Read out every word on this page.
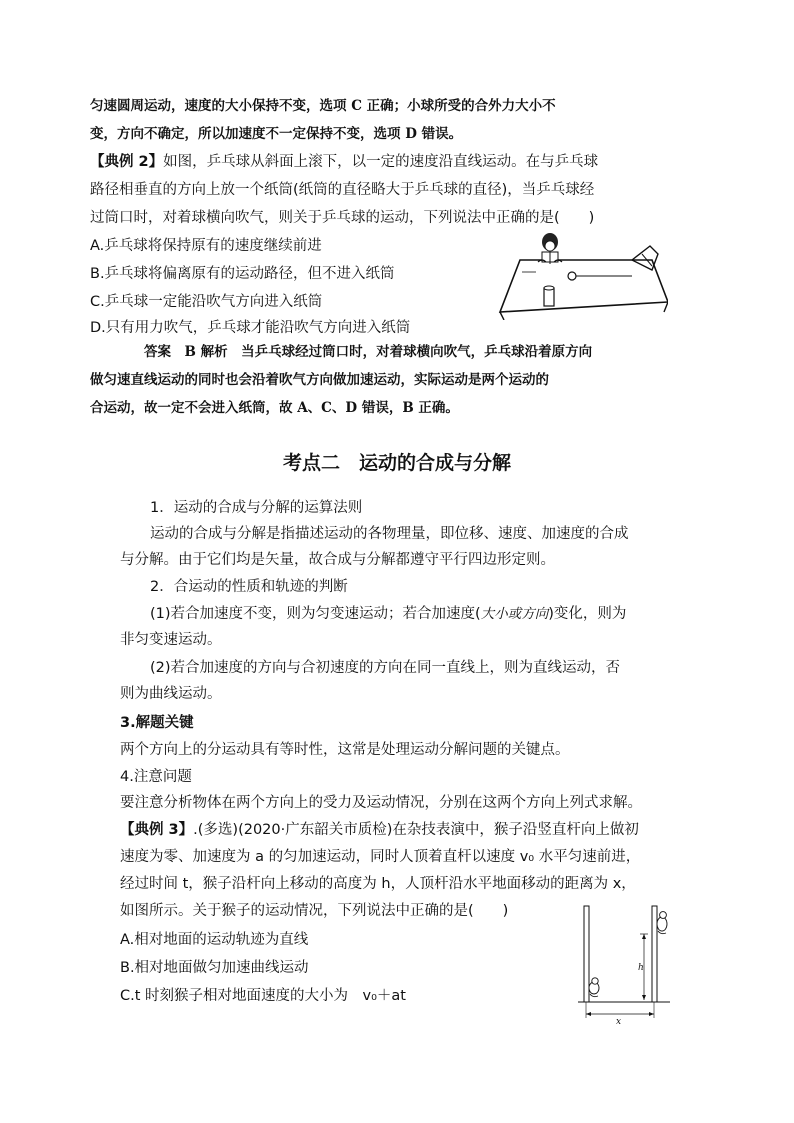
匀速圆周运动，速度的大小保持不变，选项 C 正确；小球所受的合外力大小不
变，方向不确定，所以加速度不一定保持不变，选项 D 错误。
【典例 2】如图，乒乓球从斜面上滚下，以一定的速度沿直线运动。在与乒乓球
路径相垂直的方向上放一个纸筒(纸筒的直径略大于乒乓球的直径)，当乒乓球经
过筒口时，对着球横向吹气，则关于乒乓球的运动，下列说法中正确的是(　　)
A.乒乓球将保持原有的速度继续前进
B.乒乓球将偏离原有的运动路径，但不进入纸筒
C.乒乓球一定能沿吹气方向进入纸筒
D.只有用力吹气，乒乓球才能沿吹气方向进入纸筒
答案　B 解析　当乒乓球经过筒口时，对着球横向吹气，乒乓球沿着原方向
做匀速直线运动的同时也会沿着吹气方向做加速运动，实际运动是两个运动的
合运动，故一定不会进入纸筒，故 A、C、D 错误，B 正确。
考点二　运动的合成与分解
1．运动的合成与分解的运算法则
运动的合成与分解是指描述运动的各物理量，即位移、速度、加速度的合成
与分解。由于它们均是矢量，故合成与分解都遵守平行四边形定则。
2．合运动的性质和轨迹的判断
(1)若合加速度不变，则为匀变速运动；若合加速度(大小或方向)变化，则为
非匀变速运动。
(2)若合加速度的方向与合初速度的方向在同一直线上，则为直线运动，否
则为曲线运动。
3.解题关键
两个方向上的分运动具有等时性，这常是处理运动分解问题的关键点。
4.注意问题
要注意分析物体在两个方向上的受力及运动情况，分别在这两个方向上列式求解。
【典例 3】.(多选)(2020·广东韶关市质检)在杂技表演中，猴子沿竖直杆向上做初
速度为零、加速度为 a 的匀加速运动，同时人顶着直杆以速度 v₀ 水平匀速前进，
经过时间 t，猴子沿杆向上移动的高度为 h，人顶杆沿水平地面移动的距离为 x，
如图所示。关于猴子的运动情况，下列说法中正确的是(　　)
A.相对地面的运动轨迹为直线
B.相对地面做匀加速曲线运动
C.t 时刻猴子相对地面速度的大小为　v₀＋at
h
x
